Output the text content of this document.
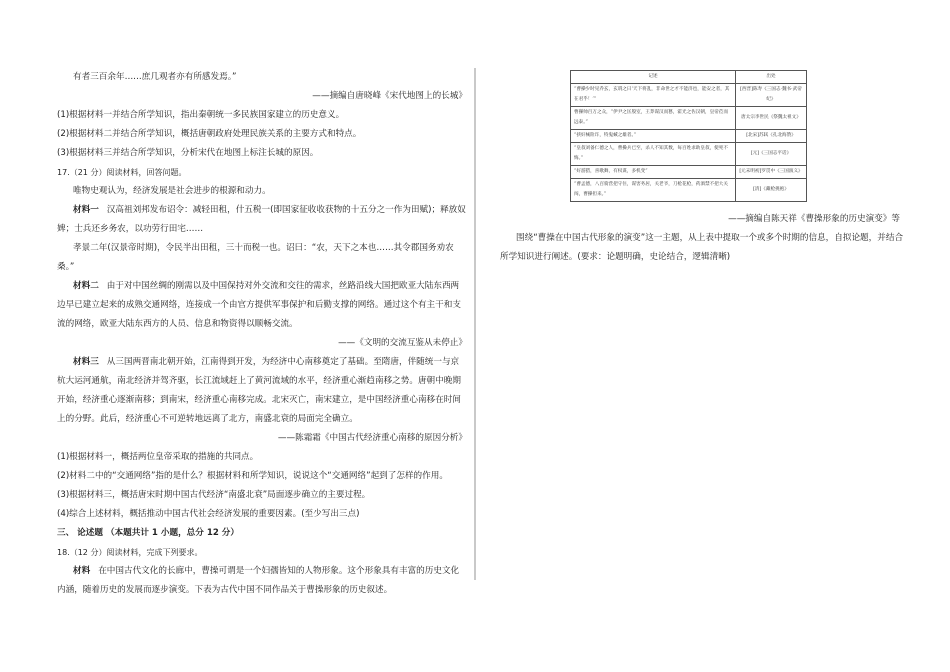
有者三百余年……庶几观者亦有所感发焉。”
——摘编自唐晓峰《宋代地图上的长城》
(1)根据材料一并结合所学知识，指出秦朝统一多民族国家建立的历史意义。
(2)根据材料二并结合所学知识，概括唐朝政府处理民族关系的主要方式和特点。
(3)根据材料三并结合所学知识，分析宋代在地图上标注长城的原因。
17.（21 分）阅读材料，回答问题。
唯物史观认为，经济发展是社会进步的根源和动力。
材料一 汉高祖刘邦发布诏令：减轻田租，什五税一(即国家征收收获物的十五分之一作为田赋)；释放奴
婢；士兵还乡务农，以功劳行田宅……
孝景二年(汉景帝时期)，令民半出田租，三十而税一也。诏曰：“农，天下之本也……其令郡国务劝农
桑。”
材料二 由于对中国丝绸的刚需以及中国保持对外交流和交往的需求，丝路沿线大国把欧亚大陆东西两
边早已建立起来的成熟交通网络，连接成一个由官方提供军事保护和后勤支撑的网络。通过这个有主干和支
流的网络，欧亚大陆东西方的人员、信息和物资得以顺畅交流。
——《文明的交流互鉴从未停止》
材料三 从三国两晋南北朝开始，江南得到开发，为经济中心南移奠定了基础。至隋唐，伴随统一与京
杭大运河通航，南北经济并驾齐驱，长江流域赶上了黄河流域的水平，经济重心渐趋南移之势。唐朝中晚期
开始，经济重心逐渐南移；到南宋，经济重心南移完成。北宋灭亡，南宋建立，是中国经济重心南移在时间
上的分野。此后，经济重心不可逆转地远离了北方，南盛北衰的局面完全确立。
——陈霜霜《中国古代经济重心南移的原因分析》
(1)根据材料一，概括两位皇帝采取的措施的共同点。
(2)材料二中的“交通网络”指的是什么？根据材料和所学知识，说说这个“交通网络”起到了怎样的作用。
(3)根据材料三，概括唐宋时期中国古代经济“南盛北衰”局面逐步确立的主要过程。
(4)综合上述材料，概括推动中国古代社会经济发展的重要因素。(至少写出三点)
三、 论述题 （本题共计 1 小题，总分 12 分）
18.（12 分）阅读材料，完成下列要求。
材料 在中国古代文化的长廊中，曹操可谓是一个妇孺皆知的人物形象。这个形象具有丰富的历史文化
内涵，随着历史的发展而逐步演变。下表为古代中国不同作品关于曹操形象的历史叙述。
记述	出处
“曹操少时见乔玄，玄谓之曰‘天下将乱，非命世之才不能济也，能安之者，其在君乎！’”	[西晋]陈寿《三国志·魏书·武帝纪》
曹操帅百万之众，“伊尹之匡殷室，王莽谋汉而篡，霍光之佐汉朝，皇帝莅而远泰。”	唐太宗李世民《祭魏太祖文》
“挟奸械险诈，特鬼蜮之雄者。”	[北宋]苏轼《孔北海赞》
“皇叔刘备仁德之人，曹操兵已至，杀人不知其数，每百姓求助皇叔，使死不悔。”	[元]《三国志平话》
“好游猎，喜歌舞，有权谋，多机变”	[元末明初]罗贯中《三国演义》
“曹孟德，八百骑营把守住，谋害务居，关老爷，刀枪花枪，药酒禁不把大关闯，曹操担来。”	[清]《藏枪挑袍》
——摘编自陈天祥《曹操形象的历史演变》等
围绕“曹操在中国古代形象的演变”这一主题，从上表中提取一个或多个时期的信息，自拟论题，并结合
所学知识进行阐述。(要求：论题明确，史论结合，逻辑清晰)
